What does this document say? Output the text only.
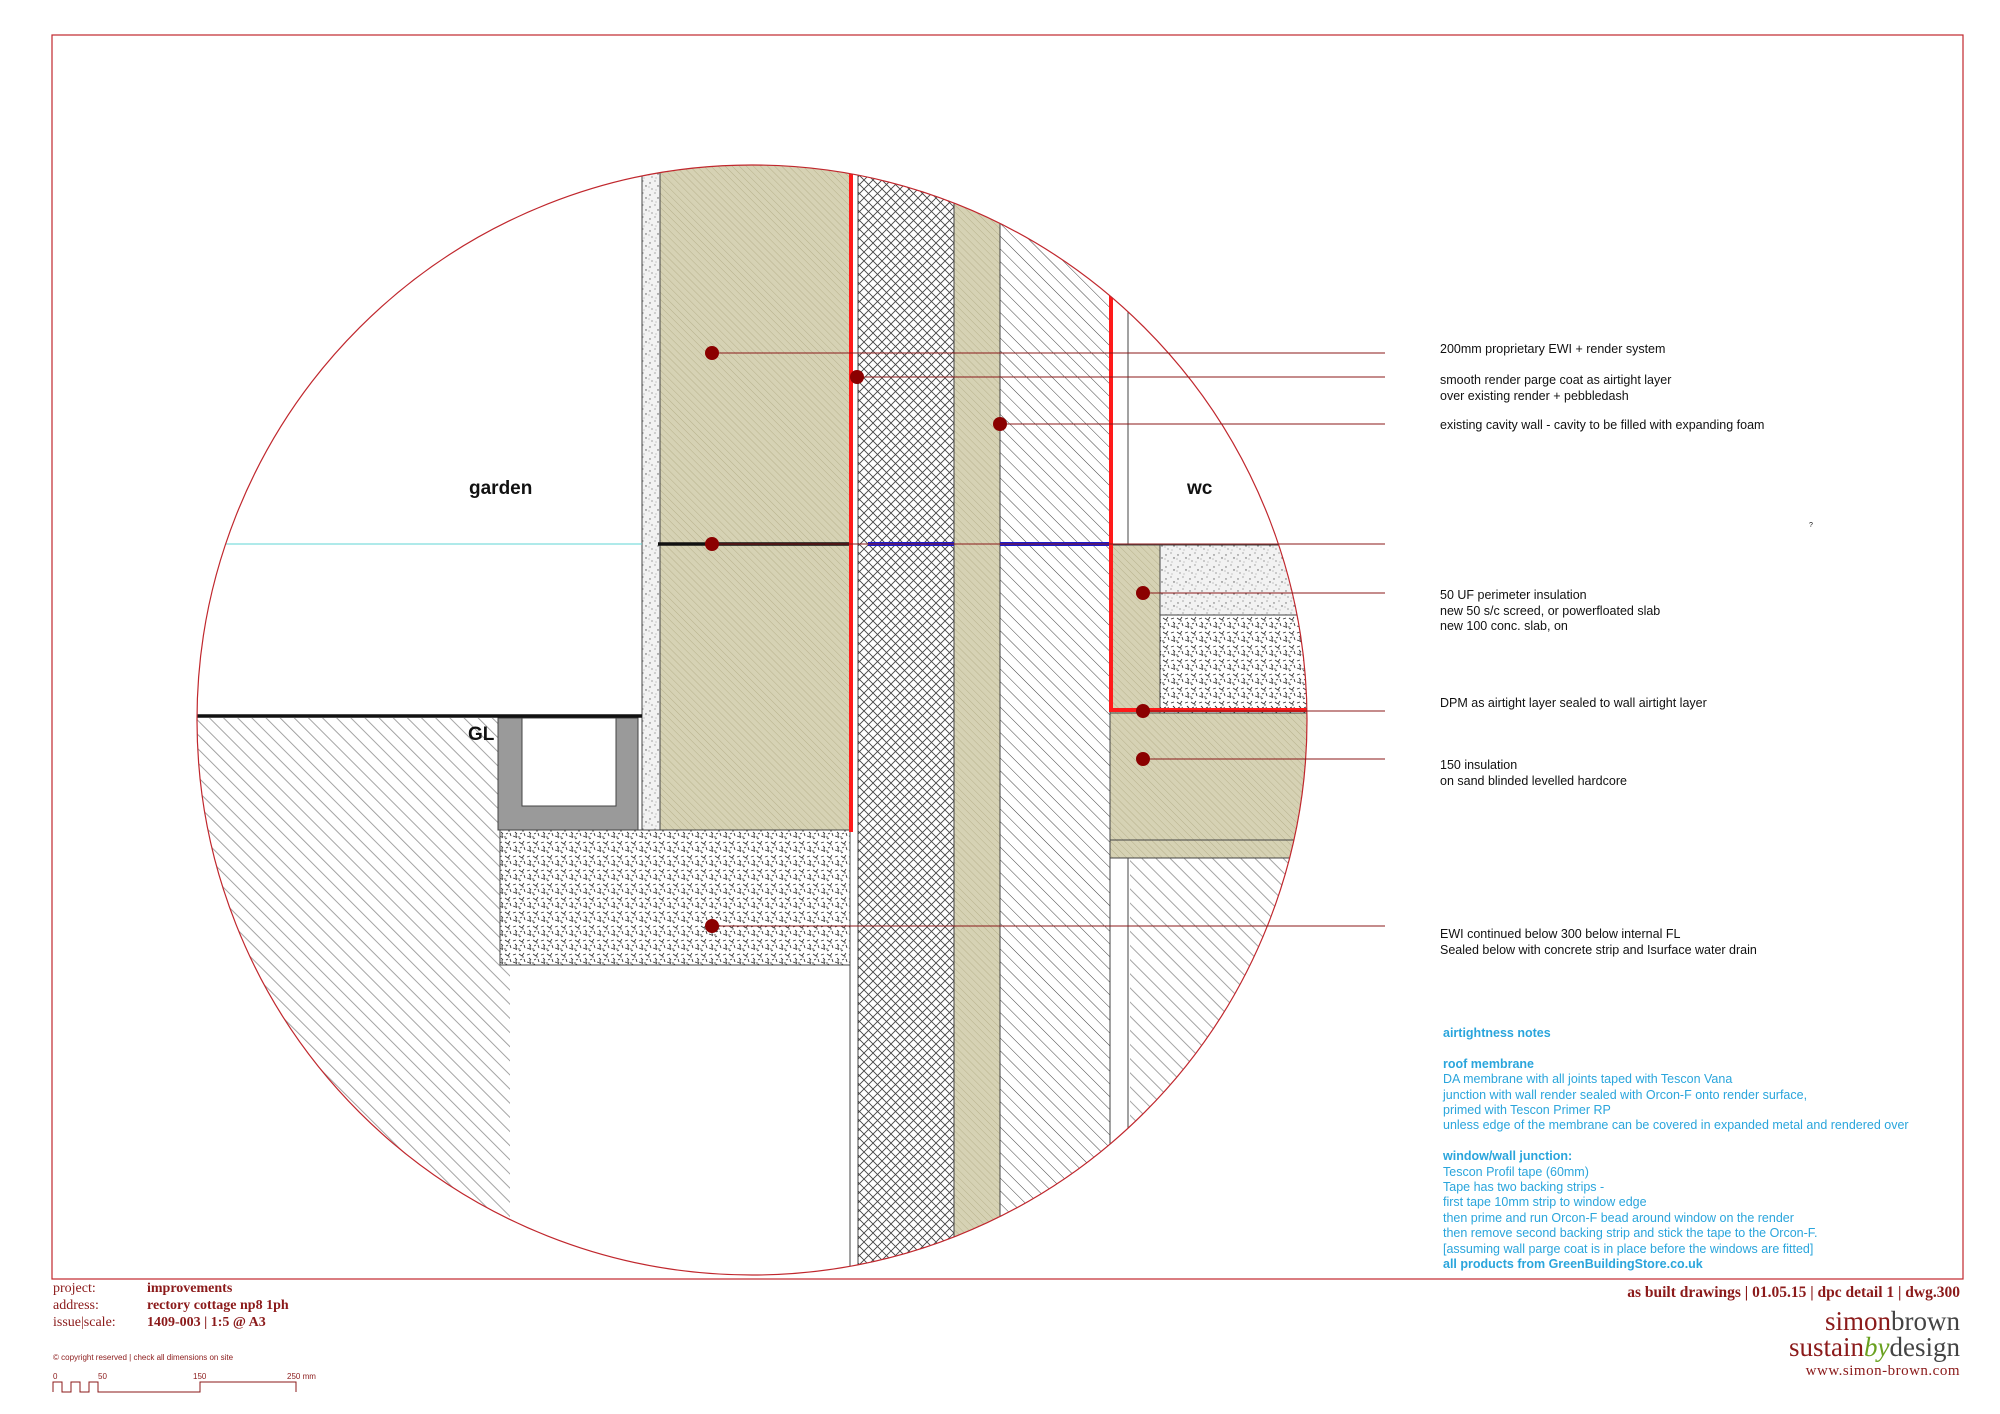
garden	wc
GL
200mm proprietary EWI + render system
smooth render parge coat as airtight layer
over existing render + pebbledash
existing cavity wall - cavity to be filled with expanding foam
50 UF perimeter insulation
new 50 s/c screed, or powerfloated slab
new 100 conc. slab, on
DPM as airtight layer sealed to wall airtight layer
150 insulation
on sand blinded levelled hardcore
EWI continued below 300 below internal FL
Sealed below with concrete strip and Isurface water drain
?
airtightness notes
roof membrane
DA membrane with all joints taped with Tescon Vana
junction with wall render sealed with Orcon-F onto render surface,
primed with Tescon Primer RP
unless edge of the membrane can be covered in expanded metal and rendered over
window/wall junction:
Tescon Profil tape (60mm)
Tape has two backing strips -
first tape 10mm strip to window edge
then prime and run Orcon-F bead around window on the render
then remove second backing strip and stick the tape to the Orcon-F.
[assuming wall parge coat is in place before the windows are fitted]
all products from GreenBuildingStore.co.uk
project:	improvements
address:	rectory cottage np8 1ph
issue|scale: 1409-003 | 1:5 @ A3
© copyright reserved | check all dimensions on site
0	50	150	250 mm
as built drawings | 01.05.15 | dpc detail 1 | dwg.300
simonbrown
sustainbydesign
www.simon-brown.com
